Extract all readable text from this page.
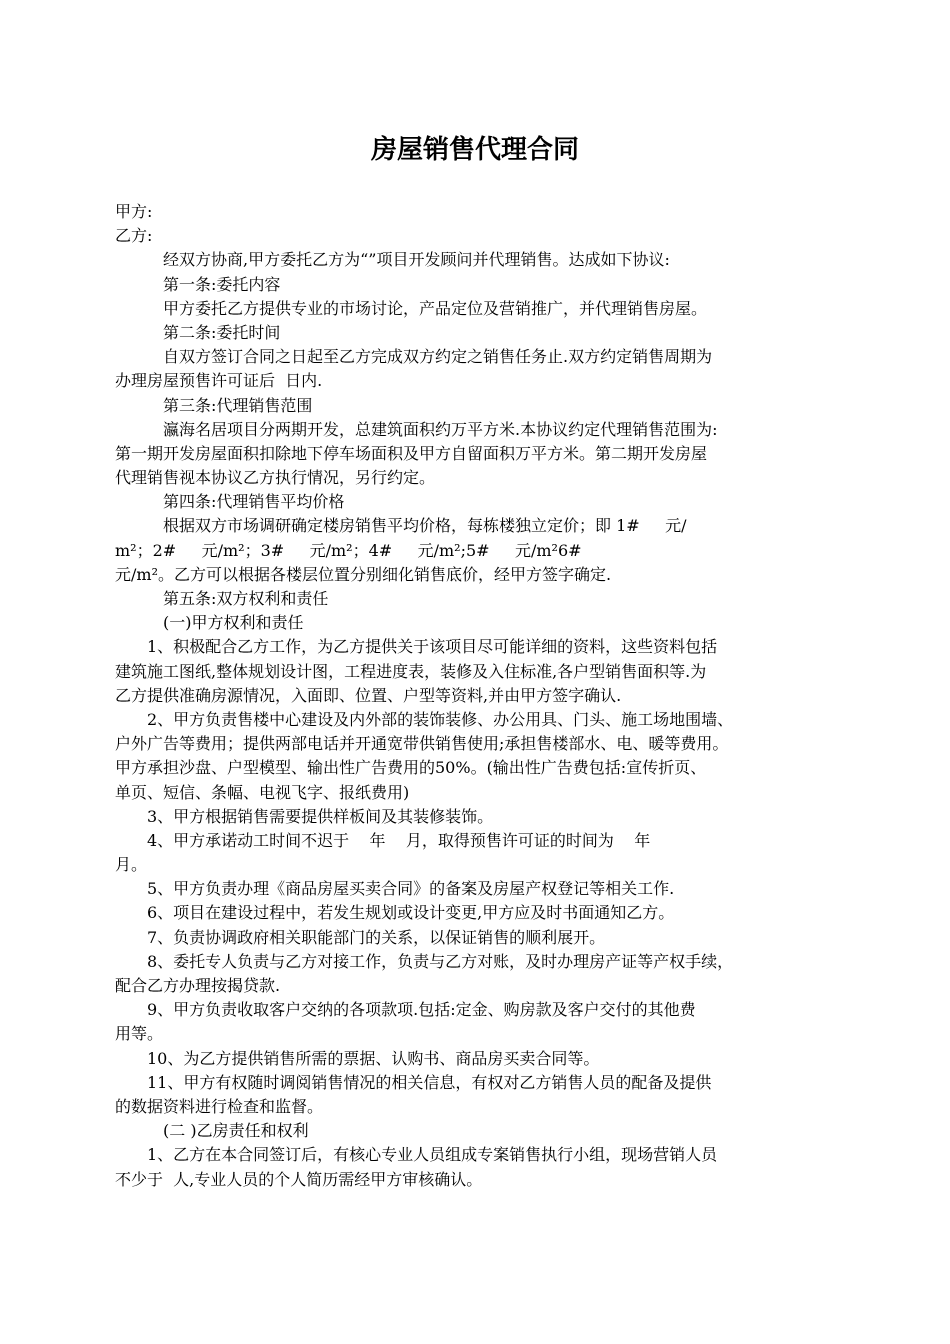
房屋销售代理合同
甲方:
乙方:
经双方协商,甲方委托乙方为“”项目开发顾问并代理销售。达成如下协议:
第一条:委托内容
甲方委托乙方提供专业的市场讨论，产品定位及营销推广，并代理销售房屋。
第二条:委托时间
自双方签订合同之日起至乙方完成双方约定之销售任务止.双方约定销售周期为
办理房屋预售许可证后  日内.
第三条:代理销售范围
瀛海名居项目分两期开发，总建筑面积约万平方米.本协议约定代理销售范围为:
第一期开发房屋面积扣除地下停车场面积及甲方自留面积万平方米。第二期开发房屋
代理销售视本协议乙方执行情况，另行约定。
第四条:代理销售平均价格
根据双方市场调研确定楼房销售平均价格，每栋楼独立定价；即 1#     元/
m²；2#     元/m²；3#     元/m²；4#     元/m²;5#     元/m²6#
元/m²。乙方可以根据各楼层位置分别细化销售底价，经甲方签字确定.
第五条:双方权利和责任
(一)甲方权利和责任
1、积极配合乙方工作，为乙方提供关于该项目尽可能详细的资料，这些资料包括
建筑施工图纸,整体规划设计图，工程进度表，装修及入住标准,各户型销售面积等.为
乙方提供准确房源情况，入面即、位置、户型等资料,并由甲方签字确认.
2、甲方负责售楼中心建设及内外部的装饰装修、办公用具、门头、施工场地围墙、
户外广告等费用；提供两部电话并开通宽带供销售使用;承担售楼部水、电、暖等费用。
甲方承担沙盘、户型模型、输出性广告费用的50%。(输出性广告费包括:宣传折页、
单页、短信、条幅、电视飞字、报纸费用)
3、甲方根据销售需要提供样板间及其装修装饰。
4、甲方承诺动工时间不迟于    年    月，取得预售许可证的时间为    年
月。
5、甲方负责办理《商品房屋买卖合同》的备案及房屋产权登记等相关工作.
6、项目在建设过程中，若发生规划或设计变更,甲方应及时书面通知乙方。
7、负责协调政府相关职能部门的关系，以保证销售的顺利展开。
8、委托专人负责与乙方对接工作，负责与乙方对账，及时办理房产证等产权手续，
配合乙方办理按揭贷款.
9、甲方负责收取客户交纳的各项款项.包括:定金、购房款及客户交付的其他费
用等。
10、为乙方提供销售所需的票据、认购书、商品房买卖合同等。
11、甲方有权随时调阅销售情况的相关信息，有权对乙方销售人员的配备及提供
的数据资料进行检查和监督。
(二 )乙房责任和权利
1、乙方在本合同签订后，有核心专业人员组成专案销售执行小组，现场营销人员
不少于  人,专业人员的个人简历需经甲方审核确认。
